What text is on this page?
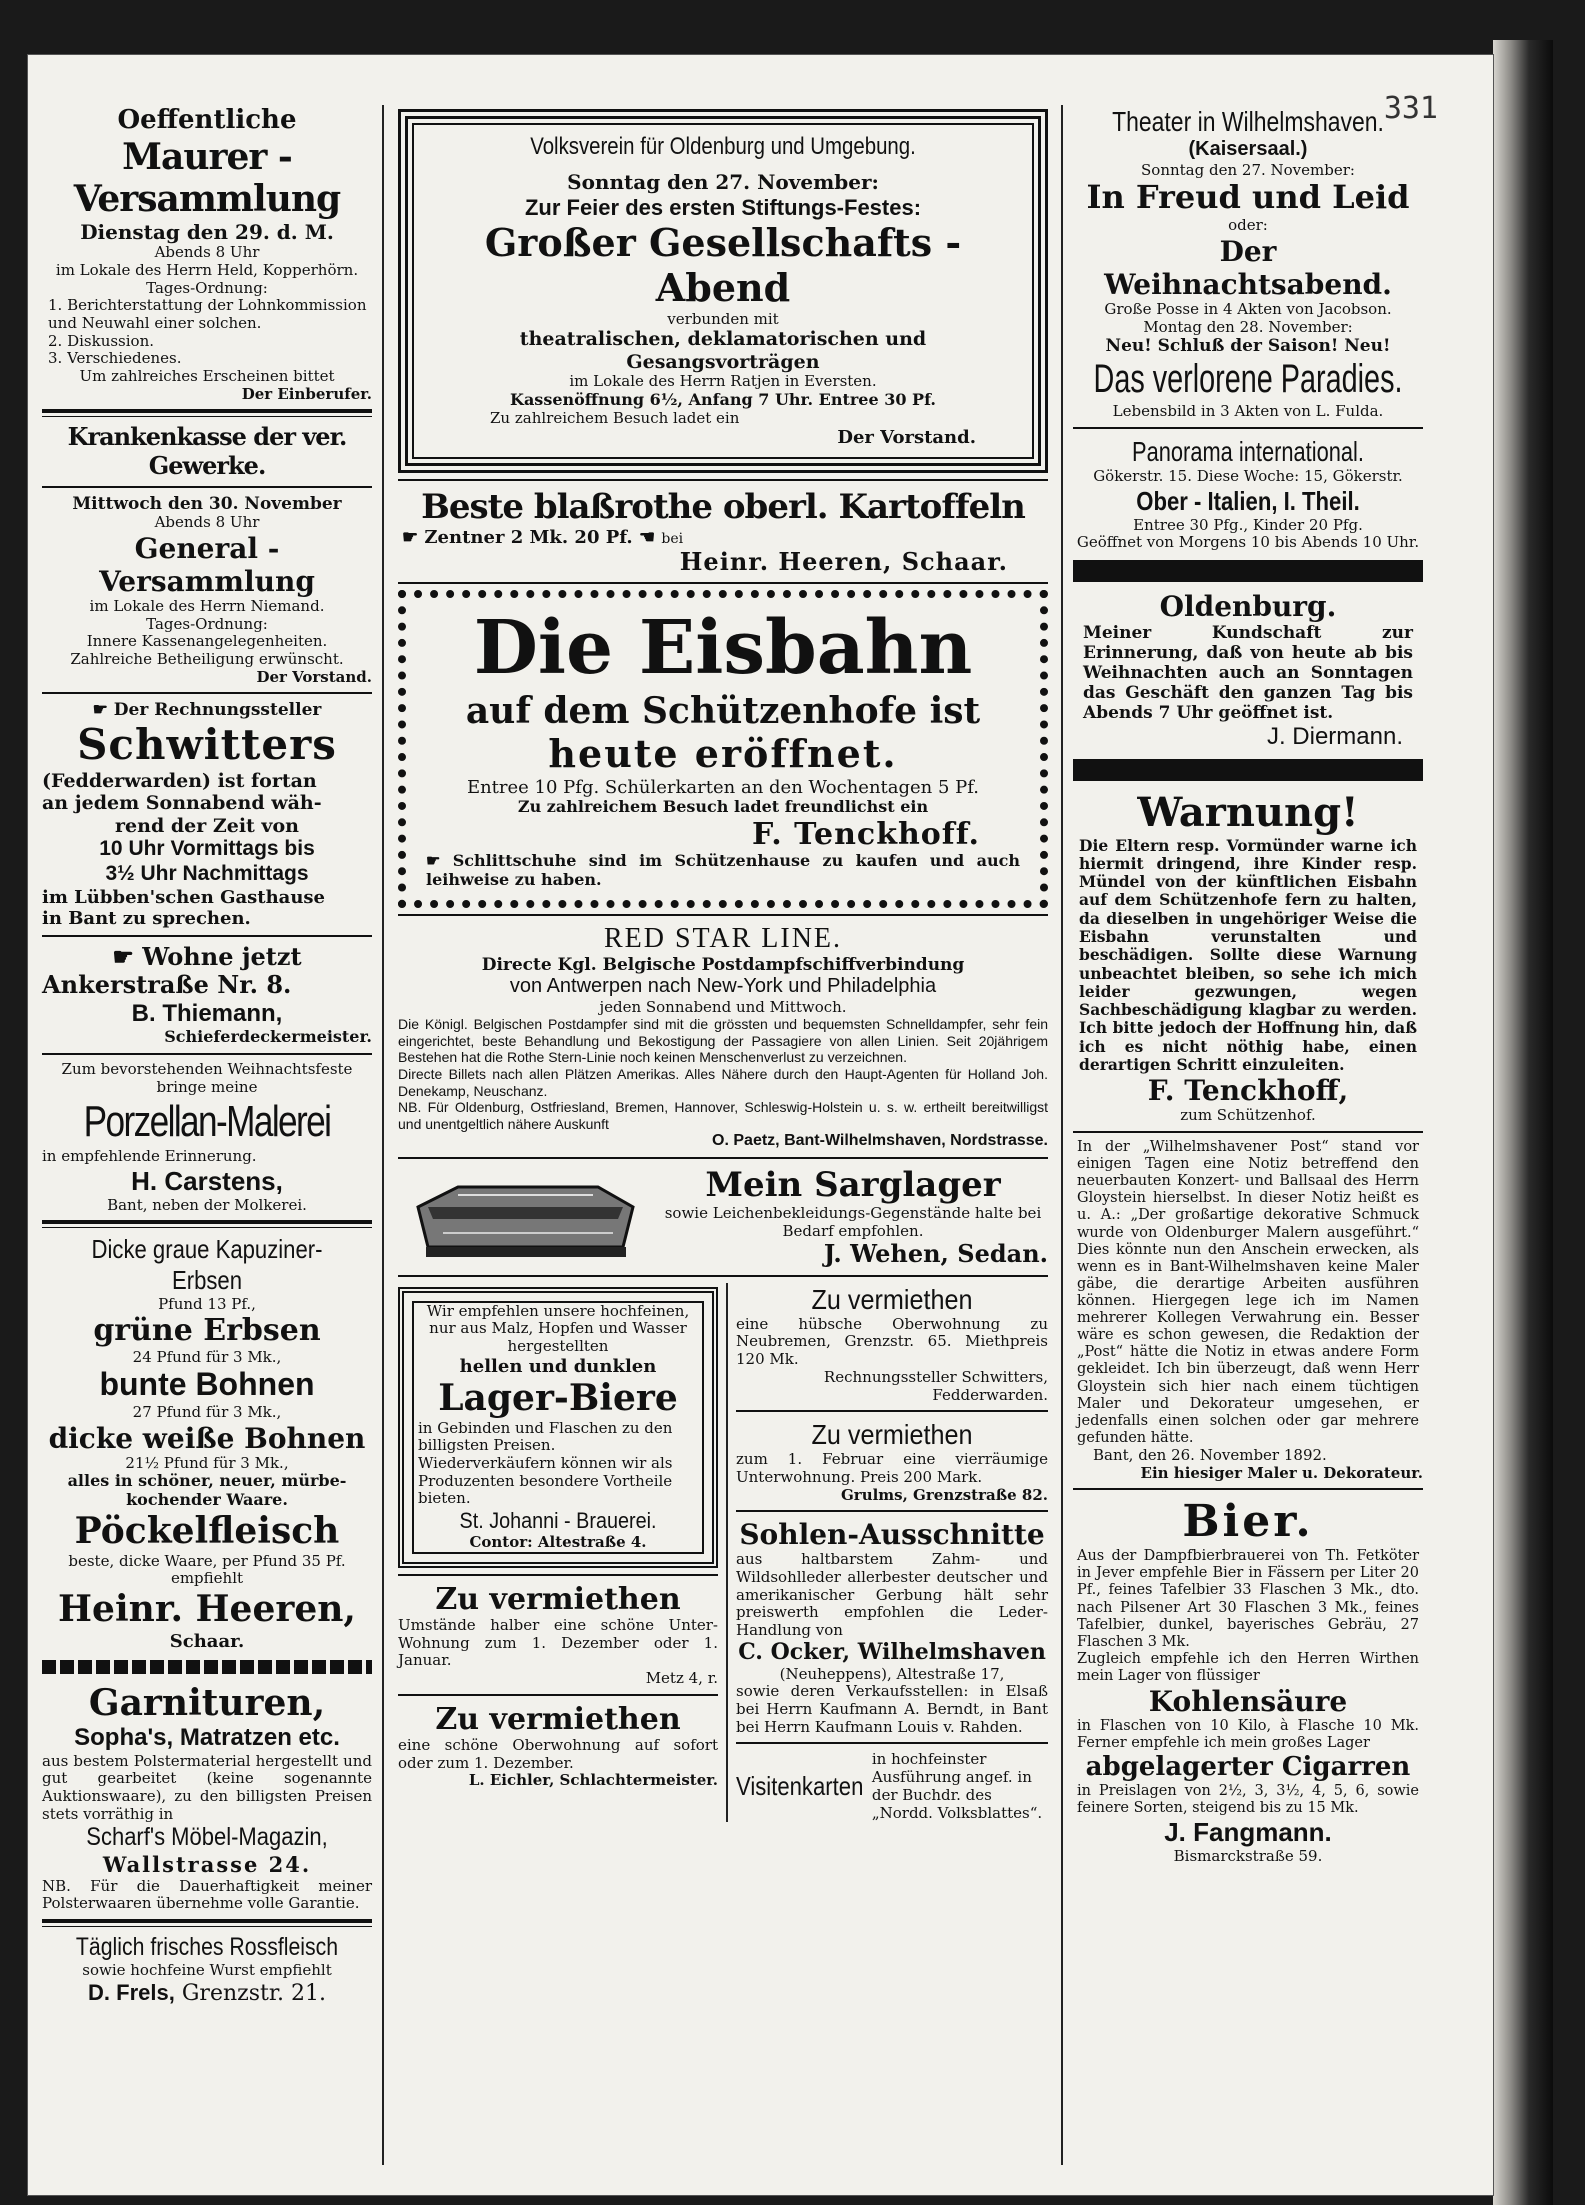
331
Oeffentliche
Maurer - Versammlung
Dienstag den 29. d. M.
Abends 8 Uhr
im Lokale des Herrn Held, Kopperhörn.
Tages-Ordnung:
1. Berichterstattung der Lohnkommission und Neuwahl einer solchen.
2. Diskussion.
3. Verschiedenes.
Um zahlreiches Erscheinen bittet
Der Einberufer.
Krankenkasse der ver. Gewerke.
Mittwoch den 30. November
Abends 8 Uhr
General - Versammlung
im Lokale des Herrn Niemand.
Tages-Ordnung:
Innere Kassenangelegenheiten.
Zahlreiche Betheiligung erwünscht.
Der Vorstand.
☛ Der Rechnungssteller
Schwitters
(Fedderwarden) ist fortan
an jedem Sonnabend wäh-
rend der Zeit von
10 Uhr Vormittags bis
3½ Uhr Nachmittags
im Lübben'schen Gasthause
in Bant zu sprechen.
☛ Wohne jetzt
Ankerstraße Nr. 8.
B. Thiemann,
Schieferdeckermeister.
Zum bevorstehenden Weihnachtsfeste
bringe meine
Porzellan-Malerei
in empfehlende Erinnerung.
H. Carstens,
Bant, neben der Molkerei.
Dicke graue Kapuziner-Erbsen
Pfund 13 Pf.,
grüne Erbsen
24 Pfund für 3 Mk.,
bunte Bohnen
27 Pfund für 3 Mk.,
dicke weiße Bohnen
21½ Pfund für 3 Mk.,
alles in schöner, neuer, mürbe-
kochender Waare.
Pöckelfleisch
beste, dicke Waare, per Pfund 35 Pf.
empfiehlt
Heinr. Heeren,
Schaar.
Garnituren,
Sopha's, Matratzen etc.
aus bestem Polstermaterial hergestellt und gut gearbeitet (keine sogenannte Auktionswaare), zu den billigsten Preisen stets vorräthig in
Scharf's Möbel-Magazin,
Wallstrasse 24.
NB. Für die Dauerhaftigkeit meiner Polsterwaaren übernehme volle Garantie.
Täglich frisches Rossfleisch
sowie hochfeine Wurst empfiehlt
D. Frels, Grenzstr. 21.
Volksverein für Oldenburg und Umgebung.
Sonntag den 27. November:
Zur Feier des ersten Stiftungs-Festes:
Großer Gesellschafts - Abend
verbunden mit
theatralischen, deklamatorischen und Gesangsvorträgen
im Lokale des Herrn Ratjen in Eversten.
Kassenöffnung 6½, Anfang 7 Uhr. Entree 30 Pf.
Zu zahlreichem Besuch ladet ein
Der Vorstand.
Beste blaßrothe oberl. Kartoffeln
☛ Zentner 2 Mk. 20 Pf. ☚ bei
Heinr. Heeren, Schaar.
Die Eisbahn
auf dem Schützenhofe ist
heute eröffnet.
Entree 10 Pfg. Schülerkarten an den Wochentagen 5 Pf.
Zu zahlreichem Besuch ladet freundlichst ein
F. Tenckhoff.
☛ Schlittschuhe sind im Schützenhause zu kaufen und auch leihweise zu haben.
RED STAR LINE.
Directe Kgl. Belgische Postdampfschiffverbindung
von Antwerpen nach New-York und Philadelphia
jeden Sonnabend und Mittwoch.
Die Königl. Belgischen Postdampfer sind mit die grössten und bequemsten Schnelldampfer, sehr fein eingerichtet, beste Behandlung und Bekostigung der Passagiere von allen Linien. Seit 20jährigem Bestehen hat die Rothe Stern-Linie noch keinen Menschenverlust zu verzeichnen.
Directe Billets nach allen Plätzen Amerikas. Alles Nähere durch den Haupt-Agenten für Holland Joh. Denekamp, Neuschanz.
NB. Für Oldenburg, Ostfriesland, Bremen, Hannover, Schleswig-Holstein u. s. w. ertheilt bereitwilligst und unentgeltlich nähere Auskunft
O. Paetz, Bant-Wilhelmshaven, Nordstrasse.
Mein Sarglager
sowie Leichenbekleidungs-Gegenstände halte bei Bedarf empfohlen.
J. Wehen, Sedan.
Wir empfehlen unsere hochfeinen, nur aus Malz, Hopfen und Wasser hergestellten
hellen und dunklen
Lager-Biere
in Gebinden und Flaschen zu den billigsten Preisen.
Wiederverkäufern können wir als Produzenten besondere Vortheile bieten.
St. Johanni - Brauerei.
Contor: Altestraße 4.
Zu vermiethen
Umstände halber eine schöne Unter-Wohnung zum 1. Dezember oder 1. Januar.
Metz 4, r.
Zu vermiethen
eine schöne Oberwohnung auf sofort oder zum 1. Dezember.
L. Eichler, Schlachtermeister.
Zu vermiethen
eine hübsche Oberwohnung zu Neubremen, Grenzstr. 65. Miethpreis 120 Mk.
Rechnungssteller Schwitters, Fedderwarden.
Zu vermiethen
zum 1. Februar eine vierräumige Unterwohnung. Preis 200 Mark.
Grulms, Grenzstraße 82.
Sohlen-Ausschnitte
aus haltbarstem Zahm- und Wildsohlleder allerbester deutscher und amerikanischer Gerbung hält sehr preiswerth empfohlen die Leder-Handlung von
C. Ocker, Wilhelmshaven
(Neuheppens), Altestraße 17,
sowie deren Verkaufsstellen: in Elsaß bei Herrn Kaufmann A. Berndt, in Bant bei Herrn Kaufmann Louis v. Rahden.
Visitenkarten
in hochfeinster Ausführung angef. in der Buchdr. des „Nordd. Volksblattes“.
Theater in Wilhelmshaven.
(Kaisersaal.)
Sonntag den 27. November:
In Freud und Leid
oder:
Der Weihnachtsabend.
Große Posse in 4 Akten von Jacobson.
Montag den 28. November:
Neu! Schluß der Saison! Neu!
Das verlorene Paradies.
Lebensbild in 3 Akten von L. Fulda.
Panorama international.
Gökerstr. 15. Diese Woche: 15, Gökerstr.
Ober - Italien, I. Theil.
Entree 30 Pfg., Kinder 20 Pfg.
Geöffnet von Morgens 10 bis Abends 10 Uhr.
Oldenburg.
Meiner Kundschaft zur Erinnerung, daß von heute ab bis Weihnachten auch an Sonntagen das Geschäft den ganzen Tag bis Abends 7 Uhr geöffnet ist.
J. Diermann.
Warnung!
Die Eltern resp. Vormünder warne ich hiermit dringend, ihre Kinder resp. Mündel von der künftlichen Eisbahn auf dem Schützenhofe fern zu halten, da dieselben in ungehöriger Weise die Eisbahn verunstalten und beschädigen. Sollte diese Warnung unbeachtet bleiben, so sehe ich mich leider gezwungen, wegen Sachbeschädigung klagbar zu werden. Ich bitte jedoch der Hoffnung hin, daß ich es nicht nöthig habe, einen derartigen Schritt einzuleiten.
F. Tenckhoff,
zum Schützenhof.
In der „Wilhelmshavener Post“ stand vor einigen Tagen eine Notiz betreffend den neuerbauten Konzert- und Ballsaal des Herrn Gloystein hierselbst. In dieser Notiz heißt es u. A.: „Der großartige dekorative Schmuck wurde von Oldenburger Malern ausgeführt.“ Dies könnte nun den Anschein erwecken, als wenn es in Bant-Wilhelmshaven keine Maler gäbe, die derartige Arbeiten ausführen können. Hiergegen lege ich im Namen mehrerer Kollegen Verwahrung ein. Besser wäre es schon gewesen, die Redaktion der „Post“ hätte die Notiz in etwas andere Form gekleidet. Ich bin überzeugt, daß wenn Herr Gloystein sich hier nach einem tüchtigen Maler und Dekorateur umgesehen, er jedenfalls einen solchen oder gar mehrere gefunden hätte.
Bant, den 26. November 1892.
Ein hiesiger Maler u. Dekorateur.
Bier.
Aus der Dampfbierbrauerei von Th. Fetköter in Jever empfehle Bier in Fässern per Liter 20 Pf., feines Tafelbier 33 Flaschen 3 Mk., dto. nach Pilsener Art 30 Flaschen 3 Mk., feines Tafelbier, dunkel, bayerisches Gebräu, 27 Flaschen 3 Mk.
Zugleich empfehle ich den Herren Wirthen mein Lager von flüssiger
Kohlensäure
in Flaschen von 10 Kilo, à Flasche 10 Mk. Ferner empfehle ich mein großes Lager
abgelagerter Cigarren
in Preislagen von 2½, 3, 3½, 4, 5, 6, sowie feinere Sorten, steigend bis zu 15 Mk.
J. Fangmann.
Bismarckstraße 59.
